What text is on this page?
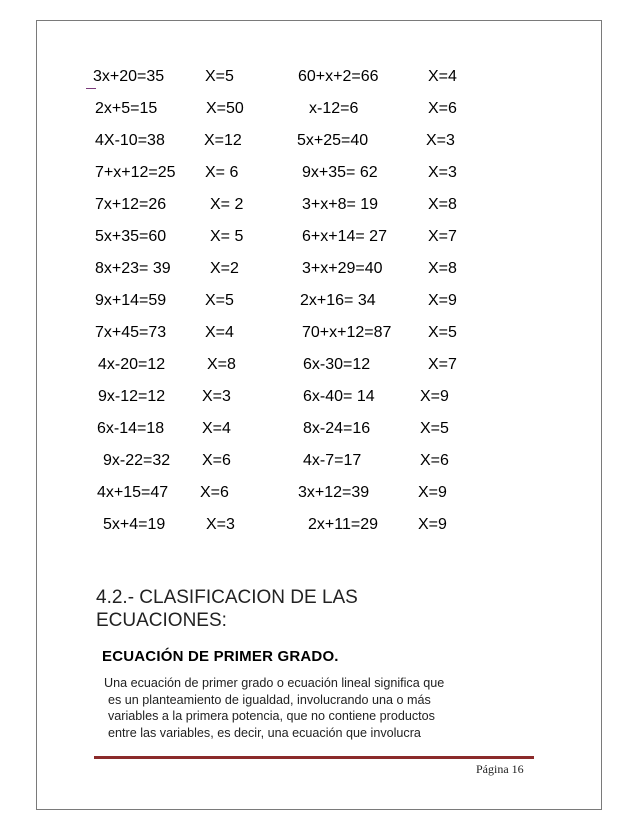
3x+20=35	X=5	60+x+2=66	X=4
2x+5=15	X=50	x-12=6	X=6
4X-10=38 X=12	5x+25=40	X=3
7+x+12=25 X= 6	9x+35= 62	X=3
7x+12=26	X= 2	3+x+8= 19	X=8
5x+35=60	X= 5	6+x+14= 27	X=7
8x+23= 39 X=2	3+x+29=40	X=8
9x+14=59 X=5	2x+16= 34	X=9
7x+45=73 X=4	70+x+12=87 X=5
4x-20=12	X=8	6x-30=12	X=7
9x-12=12 X=3	6x-40= 14	X=9
6x-14=18 X=4	8x-24=16	X=5
9x-22=32 X=6	4x-7=17	X=6
4x+15=47 X=6	3x+12=39	X=9
5x+4=19	X=3	2x+11=29	X=9
4.2.- CLASIFICACION DE LAS ECUACIONES:
ECUACIÓN DE PRIMER GRADO.
Una ecuación de primer grado o ecuación lineal significa que
es un planteamiento de igualdad, involucrando una o más
variables a la primera potencia, que no contiene productos
entre las variables, es decir, una ecuación que involucra
Página 16
